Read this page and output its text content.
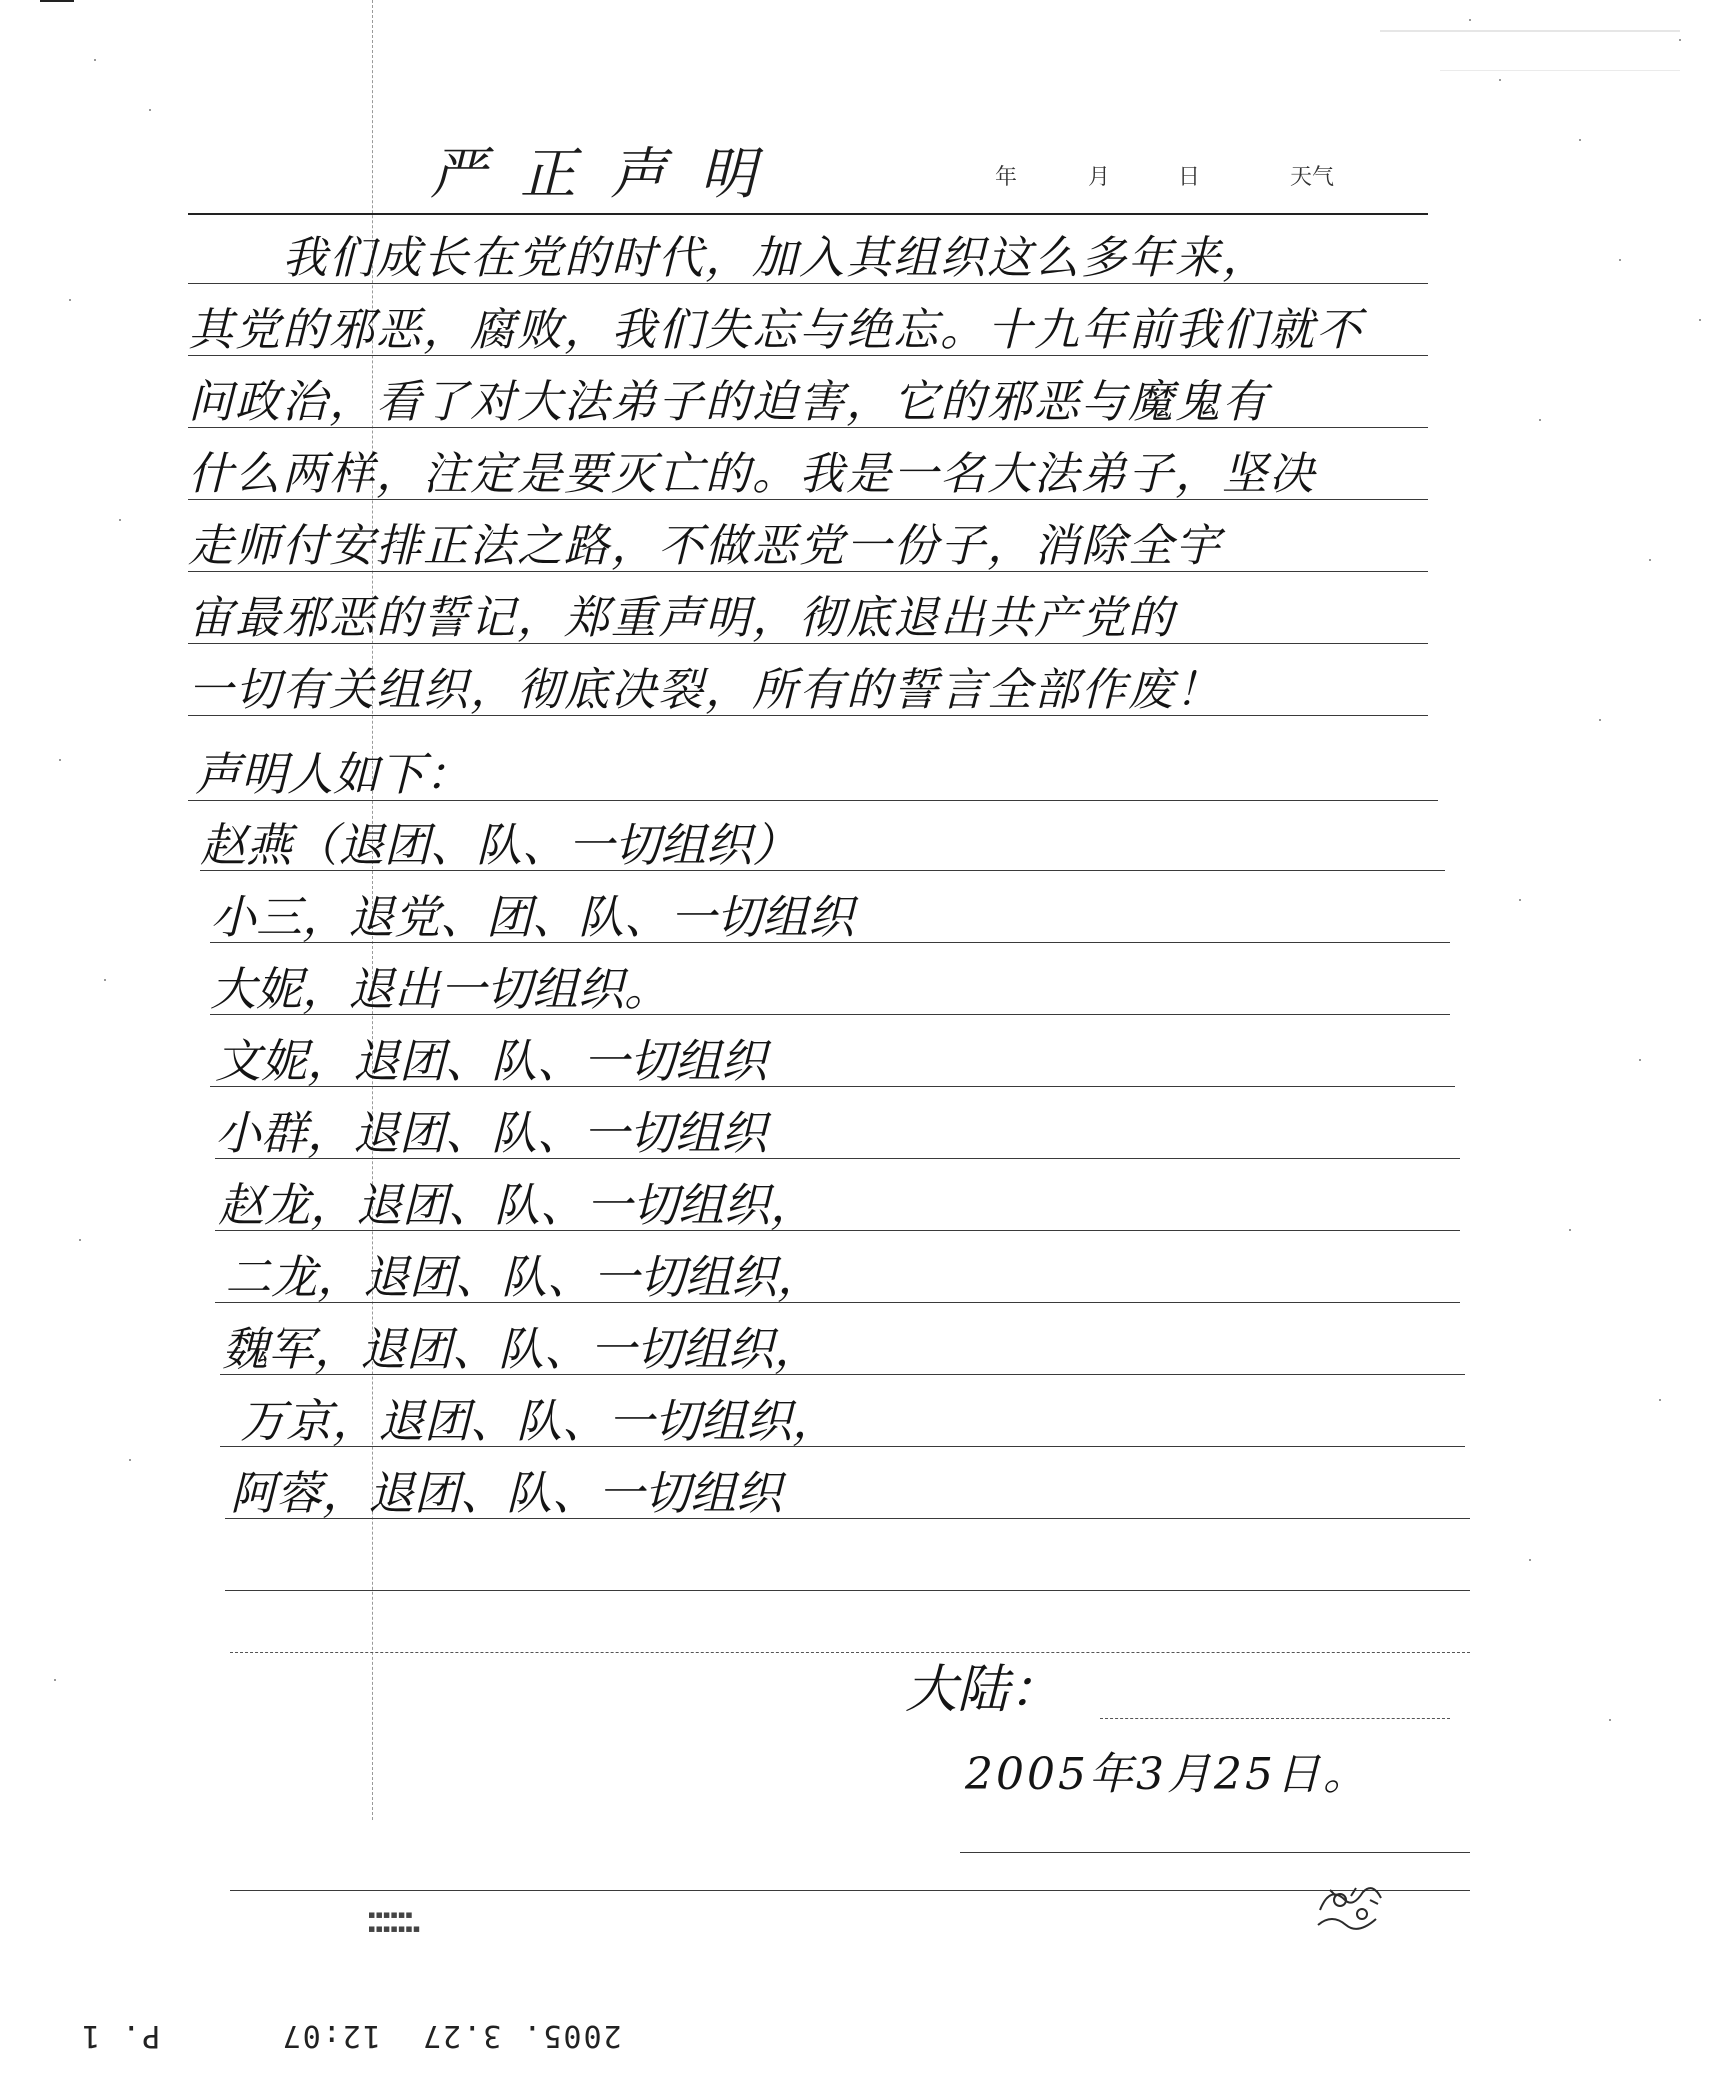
严正声明	年	月	日	天气
　　我们成长在党的时代，加入其组织这么多年来，
其党的邪恶，腐败，我们失忘与绝忘。十九年前我们就不
问政治，看了对大法弟子的迫害，它的邪恶与魔鬼有
什么两样，注定是要灭亡的。我是一名大法弟子，坚决
走师付安排正法之路，不做恶党一份子，消除全宇
宙最邪恶的誓记，郑重声明，彻底退出共产党的
一切有关组织，彻底决裂，所有的誓言全部作废！
声明人如下：
赵燕（退团、队、一切组织）
小三，退党、团、队、一切组织
大妮，退出一切组织。
文妮，退团、队、一切组织
小群，退团、队、一切组织
赵龙，退团、队、一切组织，
二龙，退团、队、一切组织，
魏军，退团、队、一切组织，
万京，退团、队、一切组织，
阿蓉，退团、队、一切组织
大陆：
2005年3月25日。
▪▪▪▪▪▪
▪▪▪▪▪▪▪
2005. 3.27  12:07      P. 1
